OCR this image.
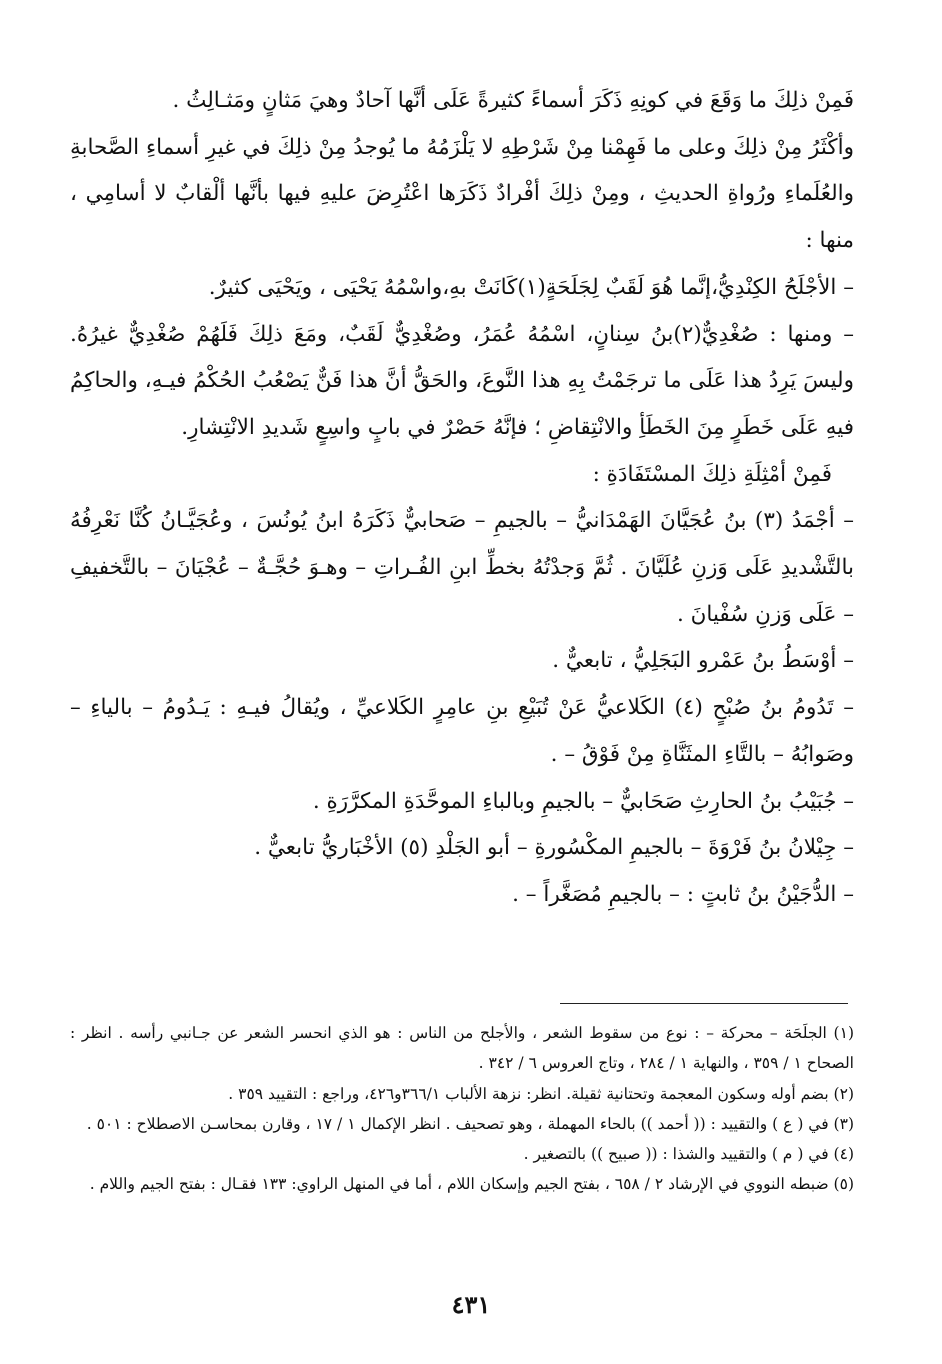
فَمِنْ ذلِكَ ما وَقَعَ في كونِهِ ذَكَرَ أسماءً كثيرةً عَلَى أنَّها آحادٌ وهيَ مَثانٍ ومَثـالِثُ .

وأكْثَرُ مِنْ ذلِكَ وعلى ما فَهِمْنا مِنْ شَرْطِهِ لا يَلْزَمُهُ ما يُوجدُ مِنْ ذلِكَ في غيرِ أسماءِ الصَّحابةِ والعُلَماءِ ورُواةِ الحديثِ ، ومِنْ ذلِكَ أفْرادٌ ذَكَرَها اعْتُرِضَ عليهِ فيها بأنَّها ألْقابٌ لا أسامِي ، منها :

– الأجْلَحُ الكِنْدِيُّ،إنَّما هُوَ لَقَبٌ لِجَلَحَةٍ(١)كَانَتْ بهِ،واسْمُهُ يَحْيَى ، ويَحْيَى كثيرٌ.

– ومنها : صُغْدِيٌّ(٢)بنُ سِنانٍ، اسْمُهُ عُمَرُ، وصُغْدِيٌّ لَقَبٌ، ومَعَ ذلِكَ فَلَهُمْ صُغْدِيٌّ غيرُهُ. وليسَ يَرِدُ هذا عَلَى ما ترجَمْتُ بِهِ هذا النَّوعَ، والحَقُّ أنَّ هذا فَنٌّ يَصْعُبُ الحُكْمُ فيـهِ، والحاكِمُ فيهِ عَلَى خَطَرٍ مِنَ الخَطَأِ والانْتِقاضِ ؛ فإنَّهُ حَصْرٌ في بابٍ واسِعٍ شَديدِ الانْتِشارِ.

فَمِنْ أمْثِلَةِ ذلِكَ المسْتَفَادَةِ :

– أجْمَدُ (٣) بنُ عُجَيَّانَ الهَمْدَانيُّ – بالجيمِ – صَحابيٌّ ذَكَرَهُ ابنُ يُونُسَ ، وعُجَيَّـانُ كُنَّا نَعْرِفُهُ بالتَّشْديدِ عَلَى وَزنِ عُلَيَّانَ . ثُمَّ وَجدْتُهُ بخطِّ ابنِ الفُـراتِ – وهـوَ حُجَّـةٌ – عُجْيَانَ – بالتَّخفيفِ – عَلَى وَزنِ سُفْيانَ .

– أوْسَطُ بنُ عَمْرو البَجَلِيُّ ، تابعيٌّ .

– تَدُومُ بنُ صُبْحٍ (٤) الكَلاعيُّ عَنْ تُبَيْعِ بنِ عامِرٍ الكَلاعيِّ ، ويُقالُ فيـهِ : يَـدُومُ – بالياءِ – وصَوابُهُ – بالتَّاءِ المثَنَّاةِ مِنْ فَوْقُ – .

– جُبَيْبُ بنُ الحارِثِ صَحَابيٌّ – بالجيمِ وبالباءِ الموحَّدَةِ المكرَّرَةِ .

– جِيْلانُ بنُ فَرْوَةَ – بالجيمِ المكْسُورةِ – أبو الجَلْدِ (٥) الأخْبَاريُّ تابعيٌّ .

– الدُّجَيْنُ بنُ ثابتٍ : – بالجيمِ مُصَغَّراً – .

(١) الجلَحَة – محركة – : نوع من سقوط الشعر ، والأجلح من الناس : هو الذي انحسر الشعر عن جـانبي رأسه . انظر : الصحاح ١ / ٣٥٩ ، والنهاية ١ / ٢٨٤ ، وتاج العروس ٦ / ٣٤٢ .

(٢) بضم أوله وسكون المعجمة وتحتانية ثقيلة. انظر: نزهة الألباب ٣٦٦/١و٤٢٦، وراجع : التقييد ٣٥٩ .

(٣) في ( ع ) والتقييد : (( أحمد )) بالحاء المهملة ، وهو تصحيف . انظر الإكمال ١ / ١٧ ، وقارن بمحاسـن الاصطلاح : ٥٠١ .

(٤) في ( م ) والتقييد والشذا : (( صبيح )) بالتصغير .

(٥) ضبطه النووي في الإرشاد ٢ / ٦٥٨ ، بفتح الجيم وإسكان اللام ، أما في المنهل الراوي: ١٣٣ فقـال : بفتح الجيم واللام .

٤٣١
